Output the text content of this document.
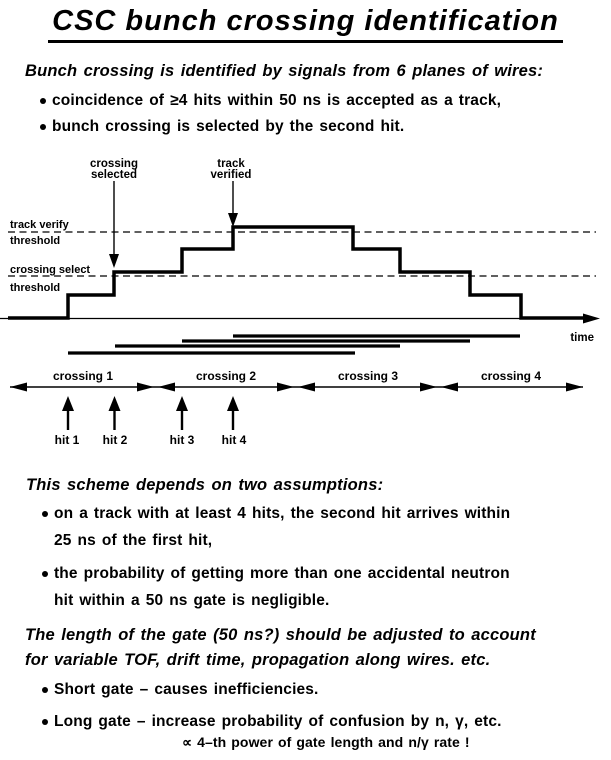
CSC bunch crossing identification
Bunch crossing is identified by signals from 6 planes of wires:
coincidence of ≥4 hits within 50 ns is accepted as a track,
bunch crossing is selected by the second hit.
crossing
selected
track
verified
track verify
threshold
crossing select
threshold
time
crossing 1	crossing 2	crossing 3	crossing 4
hit 1 hit 2	hit 3 hit 4
This scheme depends on two assumptions:
on a track with at least 4 hits, the second hit arrives within
25 ns of the first hit,
the probability of getting more than one accidental neutron
hit within a 50 ns gate is negligible.
The length of the gate (50 ns?) should be adjusted to account
for variable TOF, drift time, propagation along wires. etc.
Short gate – causes inefficiencies.
Long gate – increase probability of confusion by n, γ, etc.
∝ 4–th power of gate length and n/γ rate !
